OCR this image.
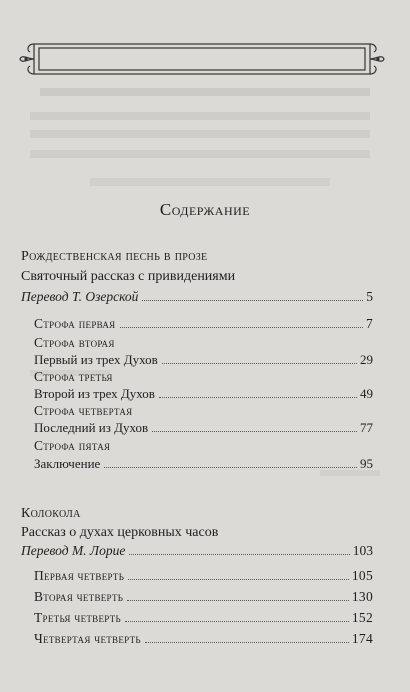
Содержание
Рождественская песнь в прозе
Святочный рассказ с привидениями
Перевод Т. Озерской	5
Строфа первая	7
Строфа вторая
Первый из трех Духов	29
Строфа третья
Второй из трех Духов	49
Строфа четвертая
Последний из Духов	77
Строфа пятая
Заключение	95
Колокола
Рассказ о духах церковных часов
Перевод М. Лорие	103
Первая четверть	105
Вторая четверть	130
Третья четверть	152
Четвертая четверть	174
